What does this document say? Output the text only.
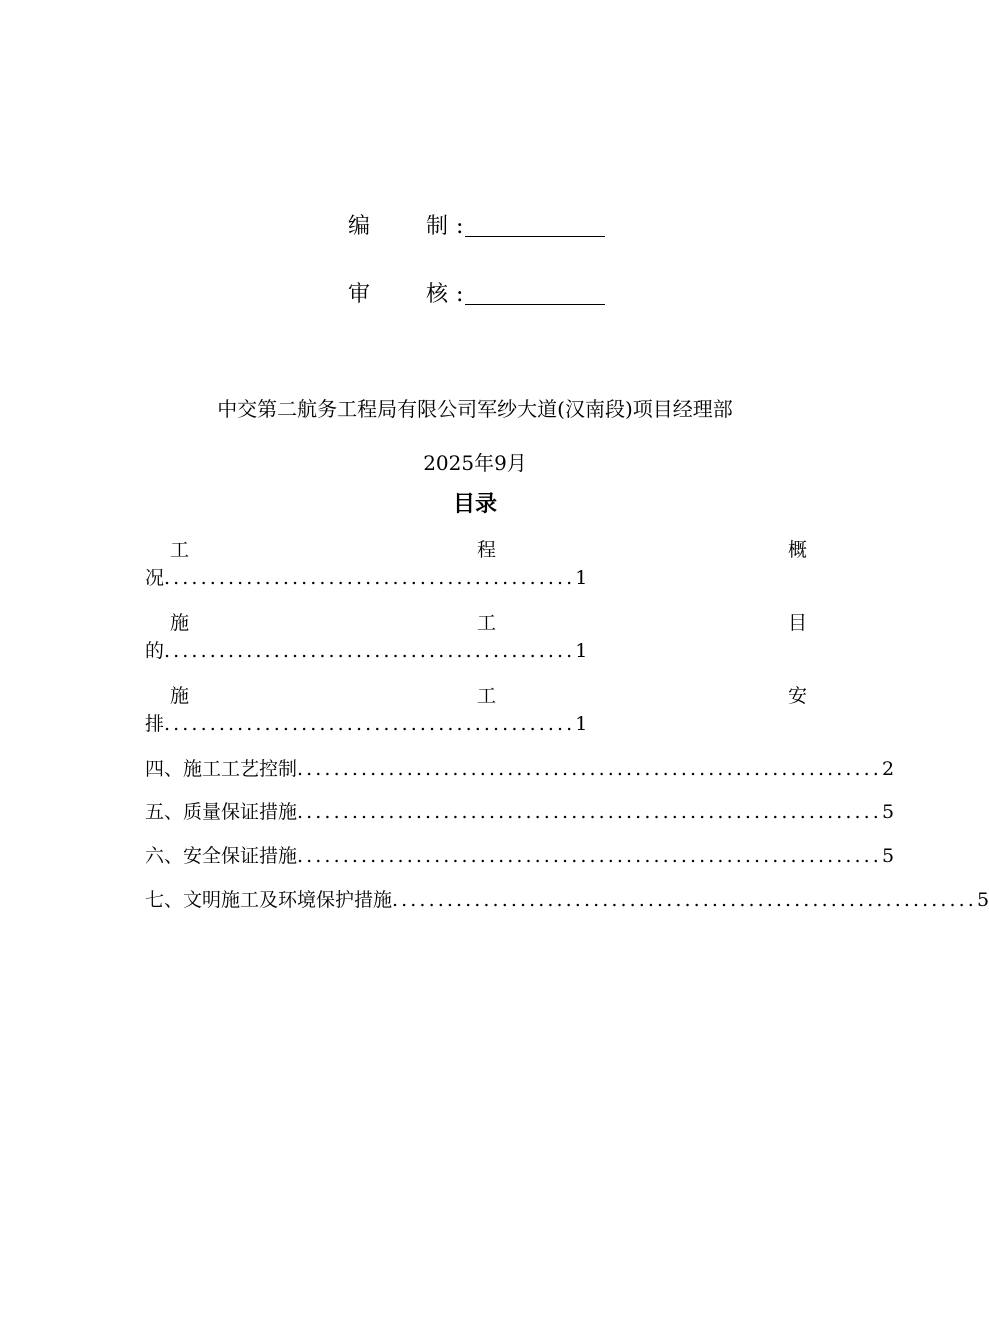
编	制 :
审	核 :
中交第二航务工程局有限公司军纱大道(汉南段)项目经理部
2025年9月
目录
工	程	概
况.............................................1
施	工	目
的.............................................1
施	工	安
排.............................................1
四、施工工艺控制 ................................................................ 2
五、质量保证措施 ................................................................ 5
六、安全保证措施 ................................................................ 5
七、文明施工及环境保护措施 ................................................................ 5
